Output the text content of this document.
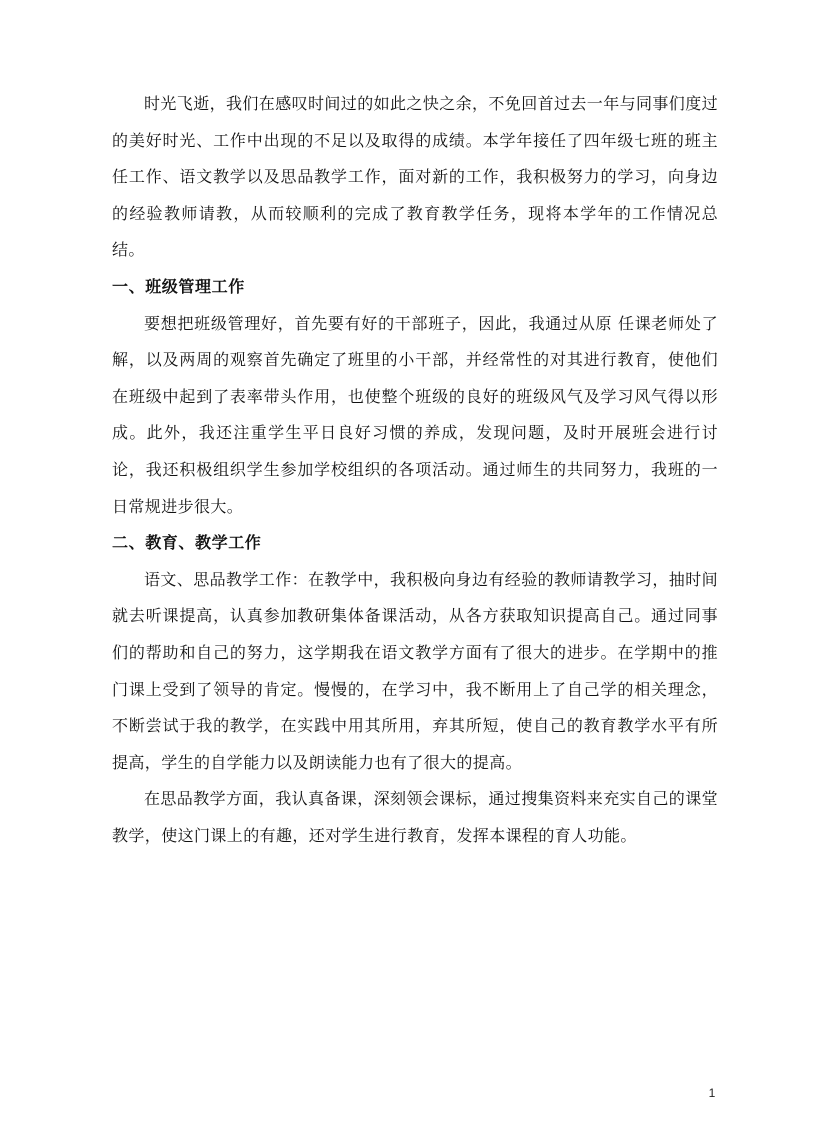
时光飞逝，我们在感叹时间过的如此之快之余，不免回首过去一年与同事们度过的美好时光、工作中出现的不足以及取得的成绩。本学年接任了四年级七班的班主任工作、语文教学以及思品教学工作，面对新的工作，我积极努力的学习，向身边的经验教师请教，从而较顺利的完成了教育教学任务，现将本学年的工作情况总结。

一、班级管理工作

要想把班级管理好，首先要有好的干部班子，因此，我通过从原 任课老师处了解，以及两周的观察首先确定了班里的小干部，并经常性的对其进行教育，使他们在班级中起到了表率带头作用，也使整个班级的良好的班级风气及学习风气得以形成。此外，我还注重学生平日良好习惯的养成，发现问题，及时开展班会进行讨论，我还积极组织学生参加学校组织的各项活动。通过师生的共同努力，我班的一日常规进步很大。

二、教育、教学工作

语文、思品教学工作：在教学中，我积极向身边有经验的教师请教学习，抽时间就去听课提高，认真参加教研集体备课活动，从各方获取知识提高自己。通过同事们的帮助和自己的努力，这学期我在语文教学方面有了很大的进步。在学期中的推门课上受到了领导的肯定。慢慢的，在学习中，我不断用上了自己学的相关理念，不断尝试于我的教学，在实践中用其所用，弃其所短，使自己的教育教学水平有所提高，学生的自学能力以及朗读能力也有了很大的提高。

在思品教学方面，我认真备课，深刻领会课标，通过搜集资料来充实自己的课堂教学，使这门课上的有趣，还对学生进行教育，发挥本课程的育人功能。

1
